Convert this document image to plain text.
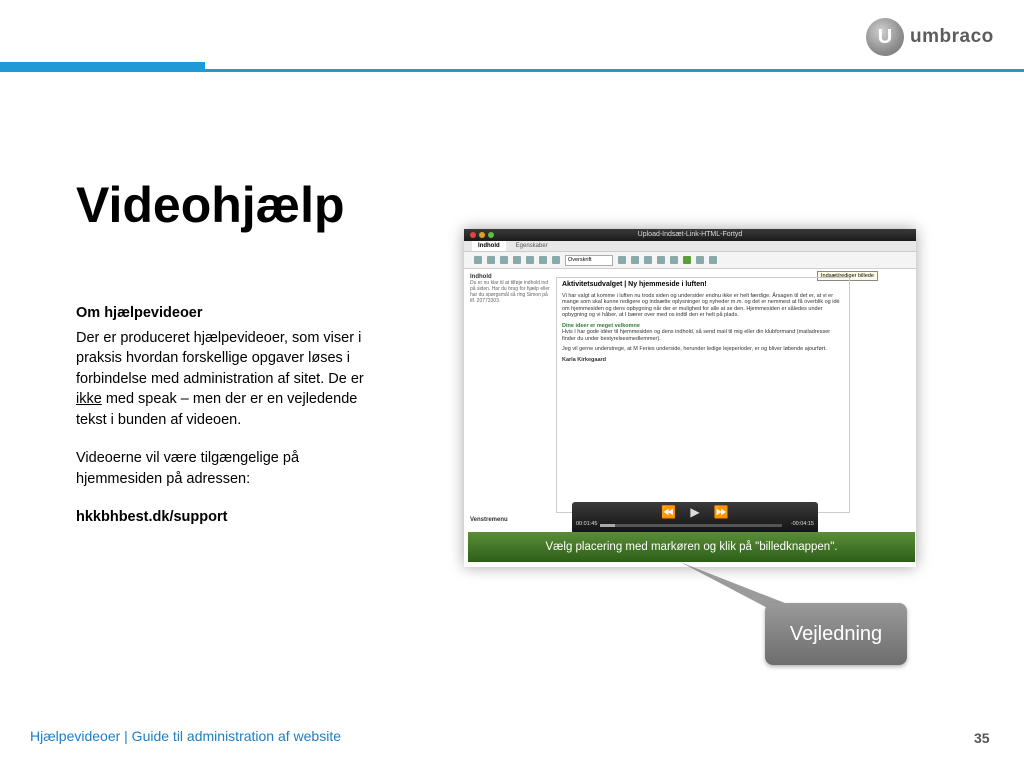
U umbraco
Videohjælp

Om hjælpevideoer

Der er produceret hjælpevideoer, som viser i praksis hvordan forskellige opgaver løses i forbindelse med administration af sitet. De er ikke med speak – men der er en vejledende tekst i bunden af videoen.

Videoerne vil være tilgængelige på hjemmesiden på adressen:

hkkbhbest.dk/support

Upload-Indsæt-Link-HTML-Fortyd
Indhold	Egenskaber
Overskrift
Indsæt/rediger billede
Indhold
Du er nu klar til at tilføje indhold ind på siden. Har du brug for hjælp eller har du spørgsmål så ring Simon på tlf. 20773303.
Aktivitetsudvalget | Ny hjemmeside i luften!

Vi har valgt at komme i luften nu trods siden og undersider endnu ikke er helt færdige. Årsagen til det er, at vi er mange som skal kunne redigere og indsætte oplysninger og nyheder m.m. og det er nemmest at få overblik og idé om hjemmesiden og dens opbygning når der er mulighed for alle at se den. Hjemmesiden er således under opbygning og vi håber, at I bærer over med os indtil den er helt på plads.

Dine ideer er meget velkomne

Hvis I har gode idéer til hjemmesiden og dens indhold, så send mail til mig eller din klubformand (mailadresser finder du under bestyrelsesmedlemmer).

Jeg vil gerne understrege, at M Feries underside, herunder ledige lejeperioder, er og bliver løbende ajourført.

Karla Kirkegaard

Venstremenu
⏪ ▶ ⏩
00:01:45	-00:04:15
Vælg placering med markøren og klik på "billedknappen".
Vejledning
Hjælpevideoer | Guide til administration af website	35
